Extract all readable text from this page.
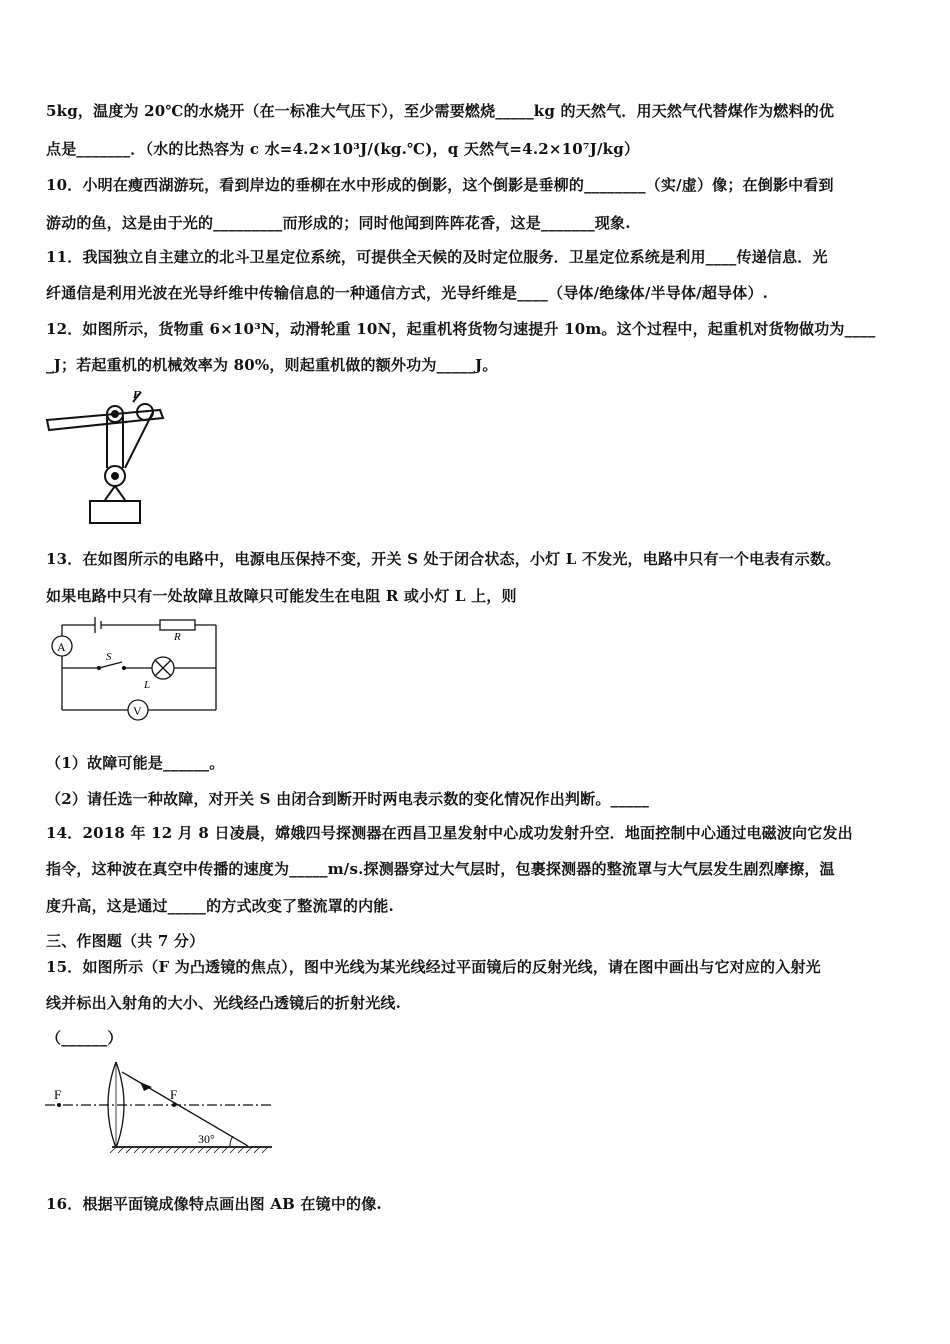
5kg，温度为 20℃的水烧开（在一标准大气压下），至少需要燃烧_____kg 的天然气．用天然气代替煤作为燃料的优
点是_______．（水的比热容为 c 水=4.2×10³J/(kg.℃)，q 天然气=4.2×10⁷J/kg）
10．小明在瘦西湖游玩，看到岸边的垂柳在水中形成的倒影，这个倒影是垂柳的________（实/虚）像；在倒影中看到
游动的鱼，这是由于光的_________而形成的；同时他闻到阵阵花香，这是_______现象.
11．我国独立自主建立的北斗卫星定位系统，可提供全天候的及时定位服务．卫星定位系统是利用____传递信息．光
纤通信是利用光波在光导纤维中传输信息的一种通信方式，光导纤维是____（导体/绝缘体/半导体/超导体）.
12．如图所示，货物重 6×10³N，动滑轮重 10N，起重机将货物匀速提升 10m。这个过程中，起重机对货物做功为____
_J；若起重机的机械效率为 80%，则起重机做的额外功为_____J。
F
13．在如图所示的电路中，电源电压保持不变，开关 S 处于闭合状态，小灯 L 不发光，电路中只有一个电表有示数。
如果电路中只有一处故障且故障只可能发生在电阻 R 或小灯 L 上，则
A
V
R
S
L
（1）故障可能是______。
（2）请任选一种故障，对开关 S 由闭合到断开时两电表示数的变化情况作出判断。_____
14．2018 年 12 月 8 日凌晨，嫦娥四号探测器在西昌卫星发射中心成功发射升空．地面控制中心通过电磁波向它发出
指令，这种波在真空中传播的速度为_____m/s.探测器穿过大气层时，包裹探测器的整流罩与大气层发生剧烈摩擦，温
度升高，这是通过_____的方式改变了整流罩的内能.
三、作图题（共 7 分）
15．如图所示（F 为凸透镜的焦点），图中光线为某光线经过平面镜后的反射光线，请在图中画出与它对应的入射光
线并标出入射角的大小、光线经凸透镜后的折射光线.
（______）
F	F
30°
16．根据平面镜成像特点画出图 AB 在镜中的像.
